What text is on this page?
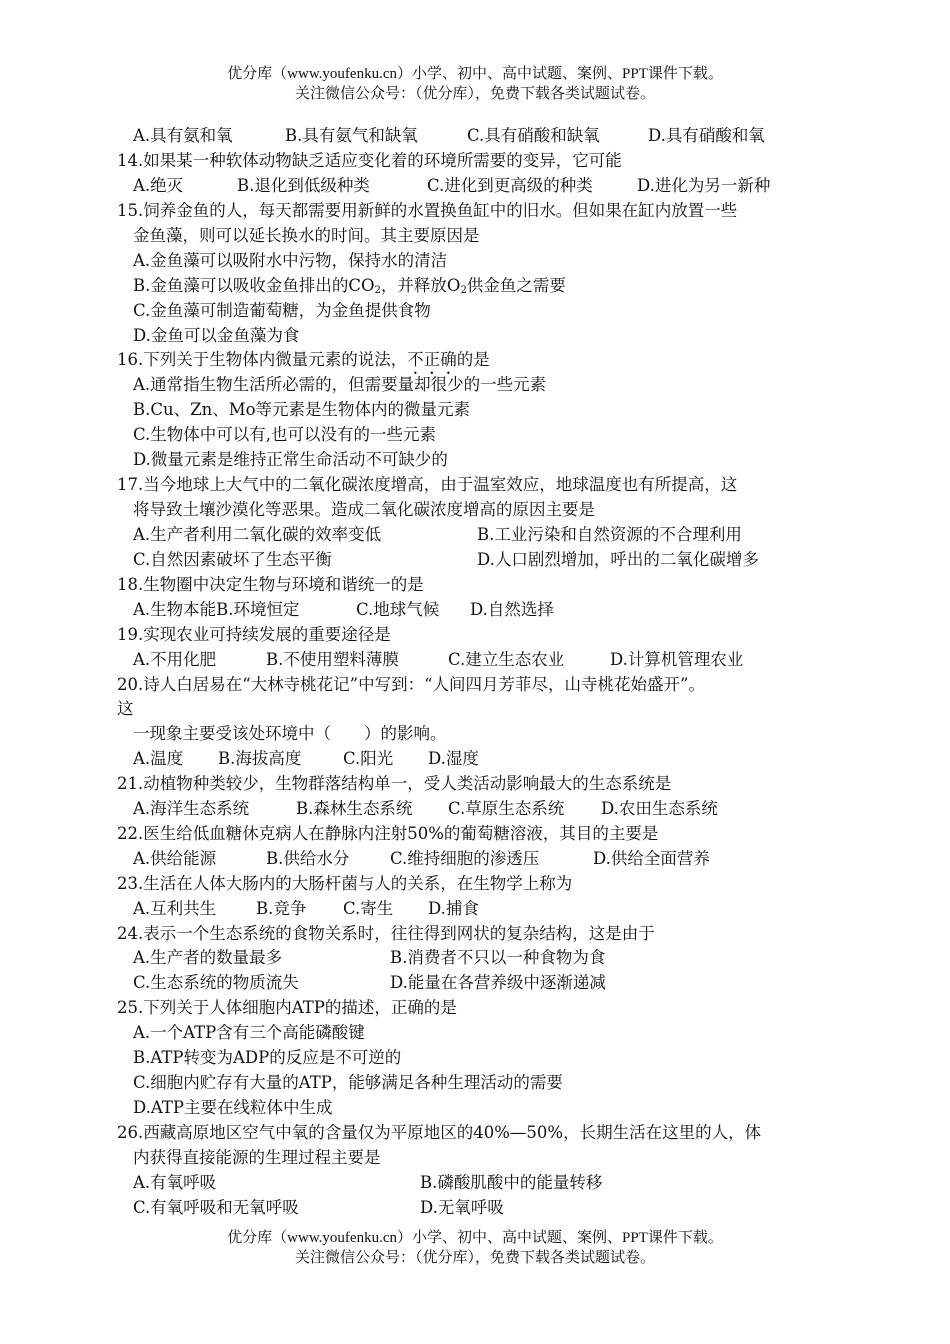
优分库（www.youfenku.cn）小学、初中、高中试题、案例、PPT课件下载。
关注微信公众号：（优分库），免费下载各类试题试卷。
A.具有氨和氧	B.具有氨气和缺氧	C.具有硝酸和缺氧	D.具有硝酸和氧
14.如果某一种软体动物缺乏适应变化着的环境所需要的变异，它可能
A.绝灭	B.退化到低级种类	C.进化到更高级的种类	D.进化为另一新种
15.饲养金鱼的人，每天都需要用新鲜的水置换鱼缸中的旧水。但如果在缸内放置一些
金鱼藻，则可以延长换水的时间。其主要原因是
A.金鱼藻可以吸附水中污物，保持水的清洁
B.金鱼藻可以吸收金鱼排出的$CO_2$，并释放$O_2$供金鱼之需要
C.金鱼藻可制造葡萄糖，为金鱼提供食物
D.金鱼可以金鱼藻为食
16.下列关于生物体内微量元素的说法，不正确的是
A.通常指生物生活所必需的，但需要量却很少的一些元素
B.Cu、Zn、Mo等元素是生物体内的微量元素
C.生物体中可以有,也可以没有的一些元素
D.微量元素是维持正常生命活动不可缺少的
17.当今地球上大气中的二氧化碳浓度增高，由于温室效应，地球温度也有所提高，这
将导致土壤沙漠化等恶果。造成二氧化碳浓度增高的原因主要是
A.生产者利用二氧化碳的效率变低	B.工业污染和自然资源的不合理利用
C.自然因素破坏了生态平衡	D.人口剧烈增加，呼出的二氧化碳增多
18.生物圈中决定生物与环境和谐统一的是
A.生物本能B.环境恒定	C.地球气候 D.自然选择
19.实现农业可持续发展的重要途径是
A.不用化肥	B.不使用塑料薄膜	C.建立生态农业	D.计算机管理农业
20.诗人白居易在“大林寺桃花记”中写到：“人间四月芳菲尽，山寺桃花始盛开”。
这
一现象主要受该处环境中（　　）的影响。
A.温度 B.海拔高度	C.阳光 D.湿度
21.动植物种类较少，生物群落结构单一，受人类活动影响最大的生态系统是
A.海洋生态系统	B.森林生态系统 C.草原生态系统 D.农田生态系统
22.医生给低血糖休克病人在静脉内注射50%的葡萄糖溶液，其目的主要是
A.供给能源	B.供给水分 C.维持细胞的渗透压	D.供给全面营养
23.生活在人体大肠内的大肠杆菌与人的关系，在生物学上称为
A.互利共生 B.竞争 C.寄生 D.捕食
24.表示一个生态系统的食物关系时，往往得到网状的复杂结构，这是由于
A.生产者的数量最多	B.消费者不只以一种食物为食
C.生态系统的物质流失	D.能量在各营养级中逐渐递减
25.下列关于人体细胞内ATP的描述，正确的是
A.一个ATP含有三个高能磷酸键
B.ATP转变为ADP的反应是不可逆的
C.细胞内贮存有大量的ATP，能够满足各种生理活动的需要
D.ATP主要在线粒体中生成
26.西藏高原地区空气中氧的含量仅为平原地区的40%—50%，长期生活在这里的人，体
内获得直接能源的生理过程主要是
A.有氧呼吸	B.磷酸肌酸中的能量转移
C.有氧呼吸和无氧呼吸	D.无氧呼吸
优分库（www.youfenku.cn）小学、初中、高中试题、案例、PPT课件下载。
关注微信公众号：（优分库），免费下载各类试题试卷。
